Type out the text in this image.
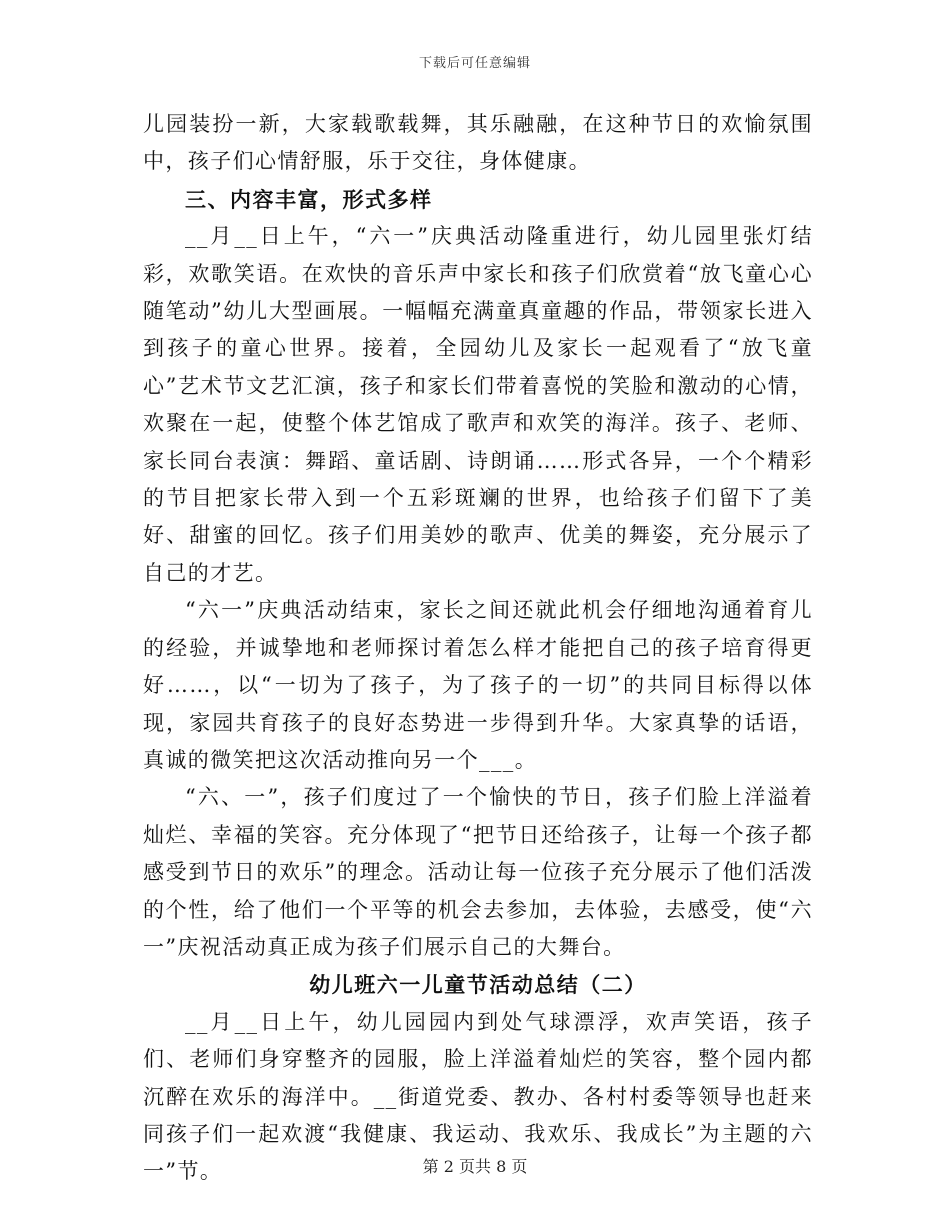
下载后可任意编辑

儿园装扮一新，大家载歌载舞，其乐融融，在这种节日的欢愉氛围中，孩子们心情舒服，乐于交往，身体健康。

三、内容丰富，形式多样

__月__日上午，“六一”庆典活动隆重进行，幼儿园里张灯结彩，欢歌笑语。在欢快的音乐声中家长和孩子们欣赏着“放飞童心心随笔动”幼儿大型画展。一幅幅充满童真童趣的作品，带领家长进入到孩子的童心世界。接着，全园幼儿及家长一起观看了“放飞童心”艺术节文艺汇演，孩子和家长们带着喜悦的笑脸和激动的心情，欢聚在一起，使整个体艺馆成了歌声和欢笑的海洋。孩子、老师、家长同台表演：舞蹈、童话剧、诗朗诵……形式各异，一个个精彩的节目把家长带入到一个五彩斑斓的世界，也给孩子们留下了美好、甜蜜的回忆。孩子们用美妙的歌声、优美的舞姿，充分展示了自己的才艺。

“六一”庆典活动结束，家长之间还就此机会仔细地沟通着育儿的经验，并诚挚地和老师探讨着怎么样才能把自己的孩子培育得更好……，以“一切为了孩子，为了孩子的一切”的共同目标得以体现，家园共育孩子的良好态势进一步得到升华。大家真挚的话语，真诚的微笑把这次活动推向另一个___。

“六、一”，孩子们度过了一个愉快的节日，孩子们脸上洋溢着灿烂、幸福的笑容。充分体现了“把节日还给孩子，让每一个孩子都感受到节日的欢乐”的理念。活动让每一位孩子充分展示了他们活泼的个性，给了他们一个平等的机会去参加，去体验，去感受，使“六一”庆祝活动真正成为孩子们展示自己的大舞台。

幼儿班六一儿童节活动总结（二）

__月__日上午，幼儿园园内到处气球漂浮，欢声笑语，孩子们、老师们身穿整齐的园服，脸上洋溢着灿烂的笑容，整个园内都沉醉在欢乐的海洋中。__街道党委、教办、各村村委等领导也赶来同孩子们一起欢渡“我健康、我运动、我欢乐、我成长”为主题的六一”节。	第 2 页共 8 页
